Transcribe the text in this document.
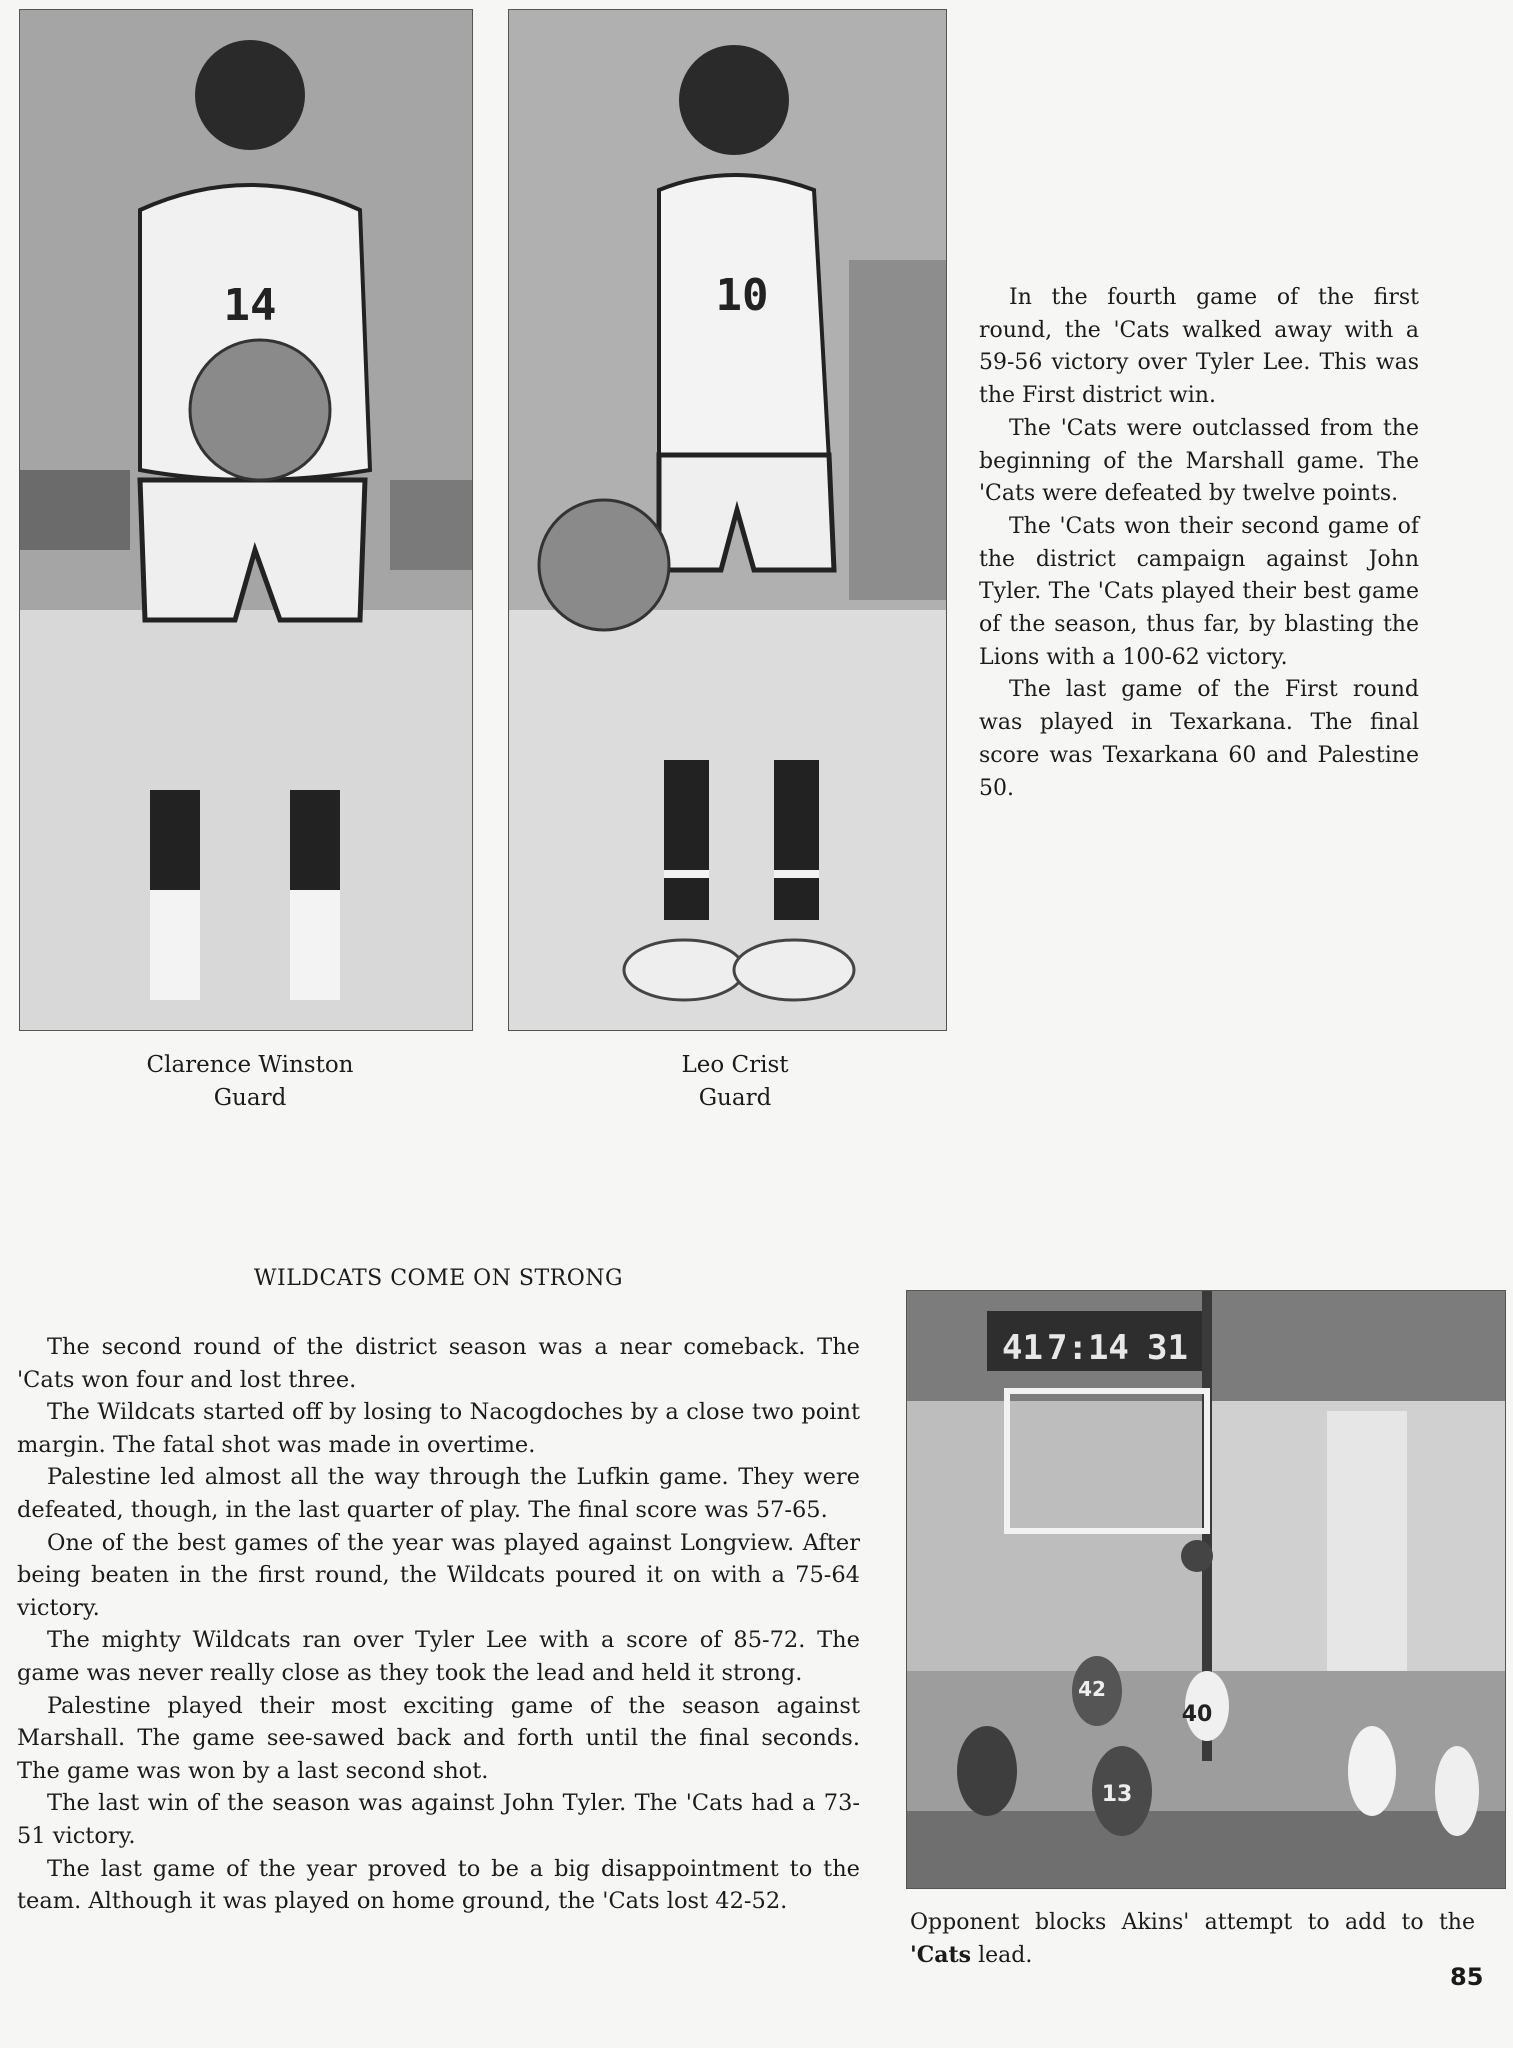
14	10
Clarence Winston
Guard
Leo Crist
Guard

In the fourth game of the first round, the 'Cats walked away with a 59-56 victory over Tyler Lee. This was the First district win.

The 'Cats were outclassed from the beginning of the Marshall game. The 'Cats were defeated by twelve points.

The 'Cats won their second game of the district campaign against John Tyler. The 'Cats played their best game of the season, thus far, by blasting the Lions with a 100-62 victory.

The last game of the First round was played in Texarkana. The final score was Texarkana 60 and Palestine 50.

WILDCATS COME ON STRONG

The second round of the district season was a near comeback. The 'Cats won four and lost three.

The Wildcats started off by losing to Nacogdoches by a close two point margin. The fatal shot was made in overtime.

Palestine led almost all the way through the Lufkin game. They were defeated, though, in the last quarter of play. The final score was 57-65.

One of the best games of the year was played against Longview. After being beaten in the first round, the Wildcats poured it on with a 75-64 victory.

The mighty Wildcats ran over Tyler Lee with a score of 85-72. The game was never really close as they took the lead and held it strong.

Palestine played their most exciting game of the season against Marshall. The game see-sawed back and forth until the final seconds. The game was won by a last second shot.

The last win of the season was against John Tyler. The 'Cats had a 73-51 victory.

The last game of the year proved to be a big disappointment to the team. Although it was played on home ground, the 'Cats lost 42-52.

41 7:14 31
40
42
13
Opponent blocks Akins' attempt to add to the 'Cats lead.
85
